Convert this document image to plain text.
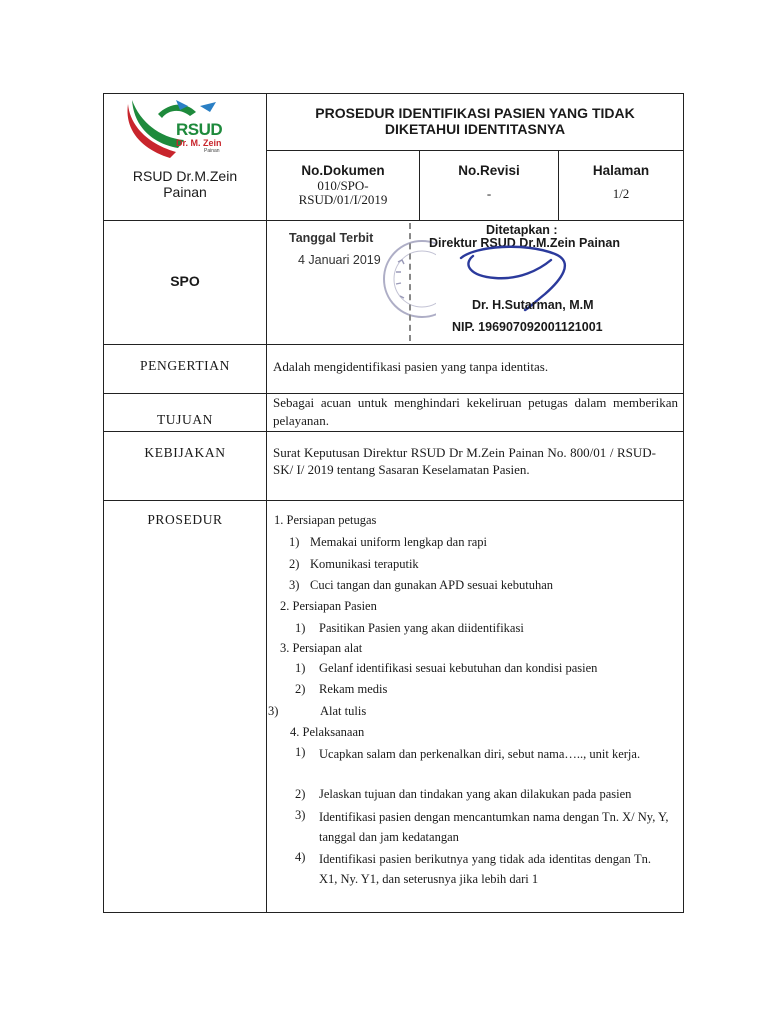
RSUD
Dr. M. Zein
Painan
RSUD Dr.M.Zein Painan
PROSEDUR IDENTIFIKASI PASIEN YANG TIDAK DIKETAHUI IDENTITASNYA
No.Dokumen
010/SPO-RSUD/01/I/2019
No.Revisi
-
Halaman
1/2
SPO
Tanggal Terbit
4 Januari 2019
Ditetapkan :
Direktur RSUD Dr.M.Zein Painan
Dr. H.Sutarman, M.M
NIP. 196907092001121001
PENGERTIAN	Adalah mengidentifikasi pasien yang tanpa identitas.
TUJUAN
Sebagai acuan untuk menghindari kekeliruan petugas dalam memberikan pelayanan.
KEBIJAKAN	Surat Keputusan Direktur RSUD Dr M.Zein Painan No. 800/01 / RSUD-SK/ I/ 2019 tentang Sasaran Keselamatan Pasien.
PROSEDUR	1. Persiapan petugas
1) Memakai uniform lengkap dan rapi
2) Komunikasi teraputik
3) Cuci tangan dan gunakan APD sesuai kebutuhan
2. Persiapan Pasien
1) Pasitikan Pasien yang akan diidentifikasi
3. Persiapan alat
1) Gelanf identifikasi sesuai kebutuhan dan kondisi pasien
2) Rekam medis
3)	Alat tulis
4. Pelaksanaan
1) Ucapkan salam dan perkenalkan diri, sebut nama….., unit kerja.
2) Jelaskan tujuan dan tindakan yang akan dilakukan pada pasien
3) Identifikasi pasien dengan mencantumkan nama dengan Tn. X/ Ny, Y, tanggal dan jam kedatangan
4) Identifikasi pasien berikutnya yang tidak ada identitas dengan Tn. X1, Ny. Y1, dan seterusnya jika lebih dari 1
